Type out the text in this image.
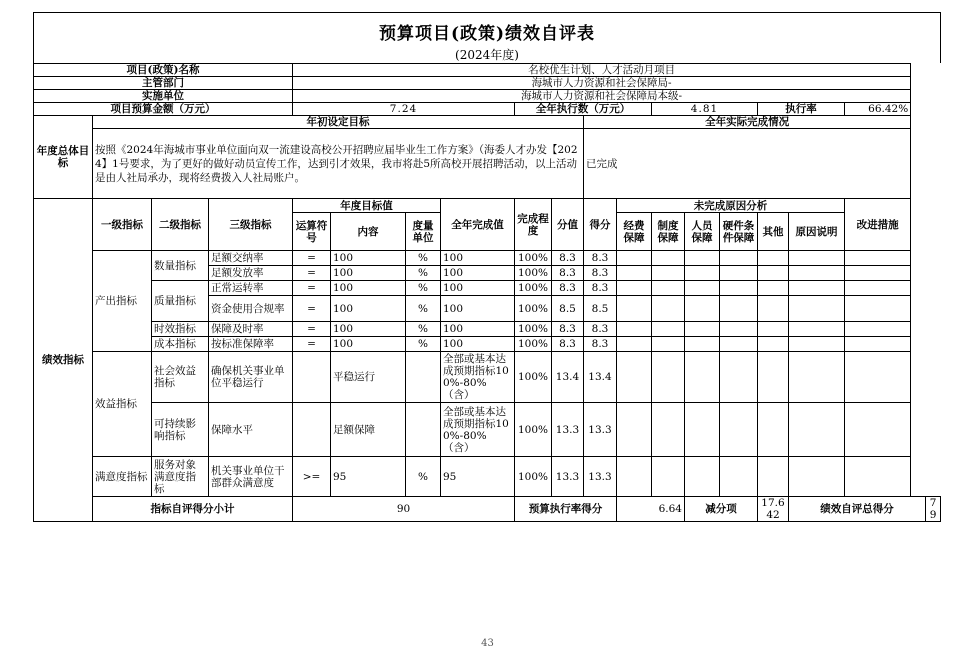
预算项目(政策)绩效自评表
(2024年度)
项目(政策)名称				名校优生计划、人才活动月项目														
主管部门				海城市人力资源和社会保障局-														
实施单位				海城市人力资源和社会保障局本级-														
项目预算金额（万元）				7.24				全年执行数（万元）				4.81			执行率		66.42%	
年度总体目标	年初设定目标									全年实际完成情况								
	按照《2024年海城市事业单位面向双一流建设高校公开招聘应届毕业生工作方案》（海委人才办发【2024】1号要求，为了更好的做好动员宣传工作，达到引才效果，我市将赴5所高校开展招聘活动，以上活动是由人社局承办，现将经费拨入人社局账户。									已完成								
绩效指标	一级指标	二级指标	三级指标	年度目标值			全年完成值	完成程度	分值	得分	未完成原因分析						改进措施	
				运算符号	内容	度量单位					经费保障	制度保障	人员保障	硬件条件保障	其他	原因说明		
	产出指标	数量指标	足额交纳率	=	100	%	100	100%	8.3	8.3								
			足额发放率	=	100	%	100	100%	8.3	8.3								
		质量指标	正常运转率	=	100	%	100	100%	8.3	8.3								
			资金使用合规率	=	100	%	100	100%	8.5	8.5								
		时效指标	保障及时率	=	100	%	100	100%	8.3	8.3								
		成本指标	按标准保障率	=	100	%	100	100%	8.3	8.3								
	效益指标	社会效益指标	确保机关事业单位平稳运行		平稳运行		全部或基本达成预期指标100%-80%（含）	100%	13.4	13.4								
		可持续影响指标	保障水平		足额保障		全部或基本达成预期指标100%-80%（含）	100%	13.3	13.3								
	满意度指标	服务对象满意度指标	机关事业单位干部群众满意度	>=	95	%	95	100%	13.3	13.3								
	指标自评得分小计			90				预算执行率得分			6.64		减分项		17.642	绩效自评总得分		79
43
